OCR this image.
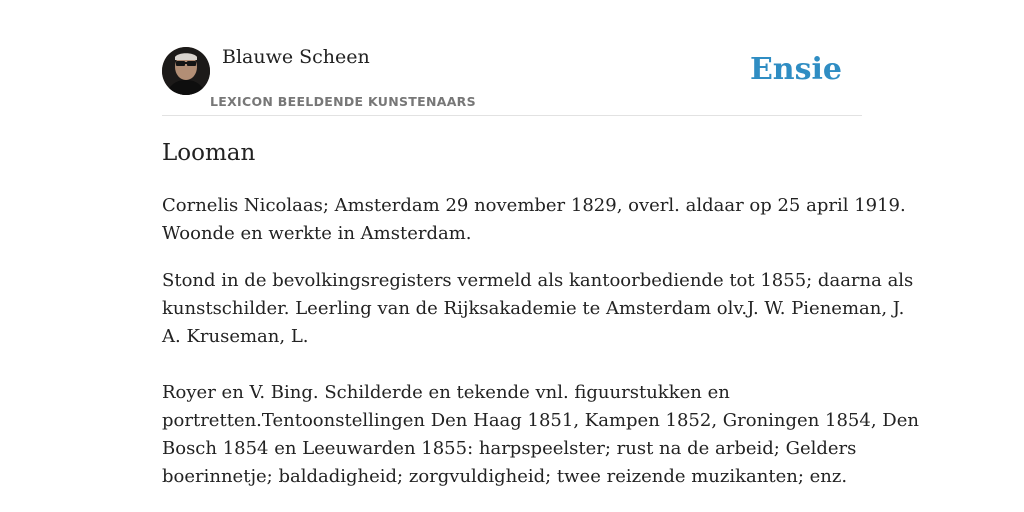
Blauwe Scheen
LEXICON BEELDENDE KUNSTENAARS
Ensie
Looman
Cornelis Nicolaas; Amsterdam 29 november 1829, overl. aldaar op 25 april 1919.
Woonde en werkte in Amsterdam.
Stond in de bevolkingsregisters vermeld als kantoorbediende tot 1855; daarna als
kunstschilder. Leerling van de Rijksakademie te Amsterdam olv.J. W. Pieneman, J.
A. Kruseman, L.
Royer en V. Bing. Schilderde en tekende vnl. figuurstukken en
portretten.Tentoonstellingen Den Haag 1851, Kampen 1852, Groningen 1854, Den
Bosch 1854 en Leeuwarden 1855: harpspeelster; rust na de arbeid; Gelders
boerinnetje; baldadigheid; zorgvuldigheid; twee reizende muzikanten; enz.
